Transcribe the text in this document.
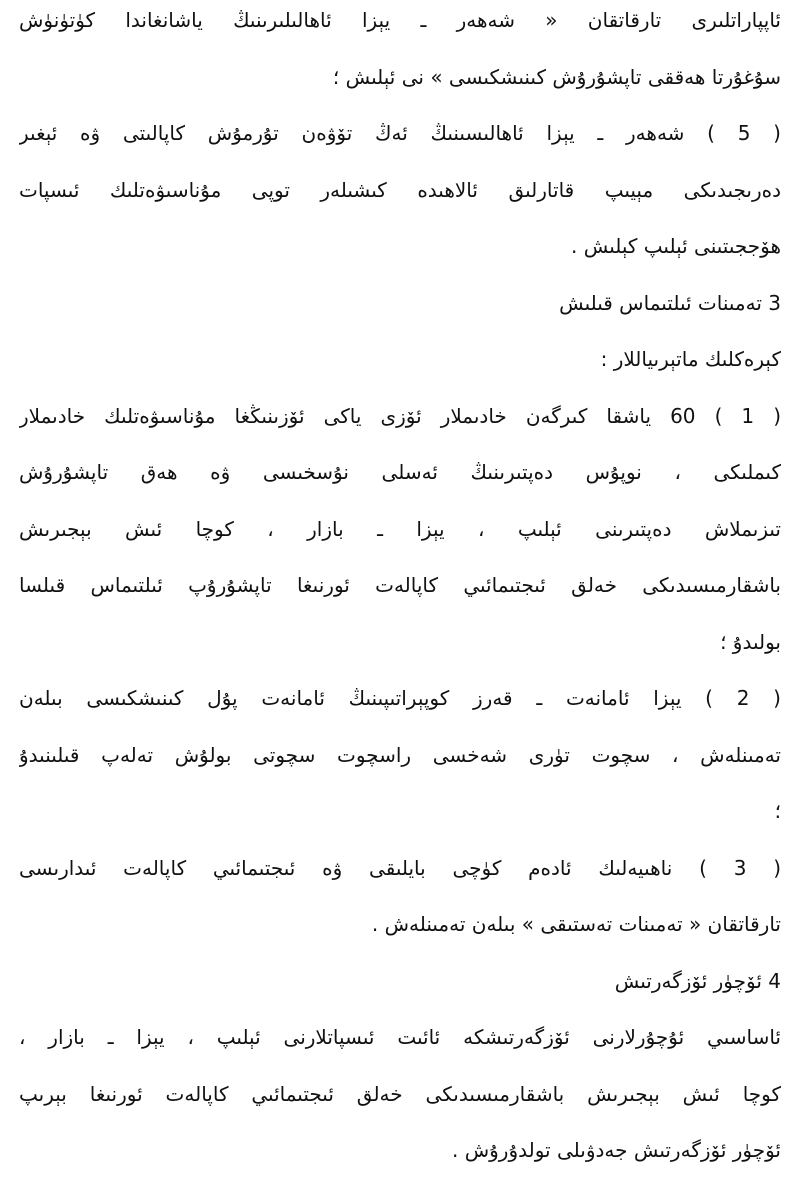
ئاپپاراتلىرى تارقاتقان « شەھەر ـ يېزا ئاھالىلىرىنىڭ ياشانغاندا كۈتۈنۈش
سۇغۇرتا ھەققى تاپشۇرۇش كىنىشكىسى » نى ئېلىش ؛
( 5 ) شەھەر ـ يېزا ئاھالىسىنىڭ ئەڭ تۆۋەن تۇرمۇش كاپالىتى ۋە ئېغىر
دەرىجىدىكى مېيىپ قاتارلىق ئالاھىدە كىشىلەر توپى مۇناسىۋەتلىك ئىسپات
ھۆججىتىنى ئېلىپ كېلىش .
3 تەمىنات ئىلتىماس قىلىش
كېرەكلىك ماتېرىياللار :
( 1 ) 60 ياشقا كىرگەن خادىملار ئۆزى ياكى ئۆزىنىڭغا مۇناسىۋەتلىك خادىملار
كىملىكى ، نوپۇس دەپتىرىنىڭ ئەسلى نۇسخىسى ۋە ھەق تاپشۇرۇش
تىزىملاش دەپتىرىنى ئېلىپ ، يېزا ـ بازار ، كوچا ئىش بېجىرىش
باشقارمىسىدىكى خەلق ئىجتىمائىي كاپالەت ئورنىغا تاپشۇرۇپ ئىلتىماس قىلسا
بولىدۇ ؛
( 2 ) يېزا ئامانەت ـ قەرز كوپېراتىپىنىڭ ئامانەت پۇل كىنىشكىسى بىلەن
تەمىنلەش ، سچوت تۈرى شەخسى راسچوت سچوتى بولۇش تەلەپ قىلىنىدۇ
؛
( 3 ) ناھىيەلىك ئادەم كۈچى بايلىقى ۋە ئىجتىمائىي كاپالەت ئىدارىسى
تارقاتقان « تەمىنات تەستىقى » بىلەن تەمىنلەش .
4 ئۆچۈر ئۆزگەرتىش
ئاساسىي ئۇچۇرلارنى ئۆزگەرتىشكە ئائىت ئىسپاتلارنى ئېلىپ ، يېزا ـ بازار ،
كوچا ئىش بېجىرىش باشقارمىسىدىكى خەلق ئىجتىمائىي كاپالەت ئورنىغا بېرىپ
ئۆچۈر ئۆزگەرتىش جەدۋىلى تولدۇرۇش .
